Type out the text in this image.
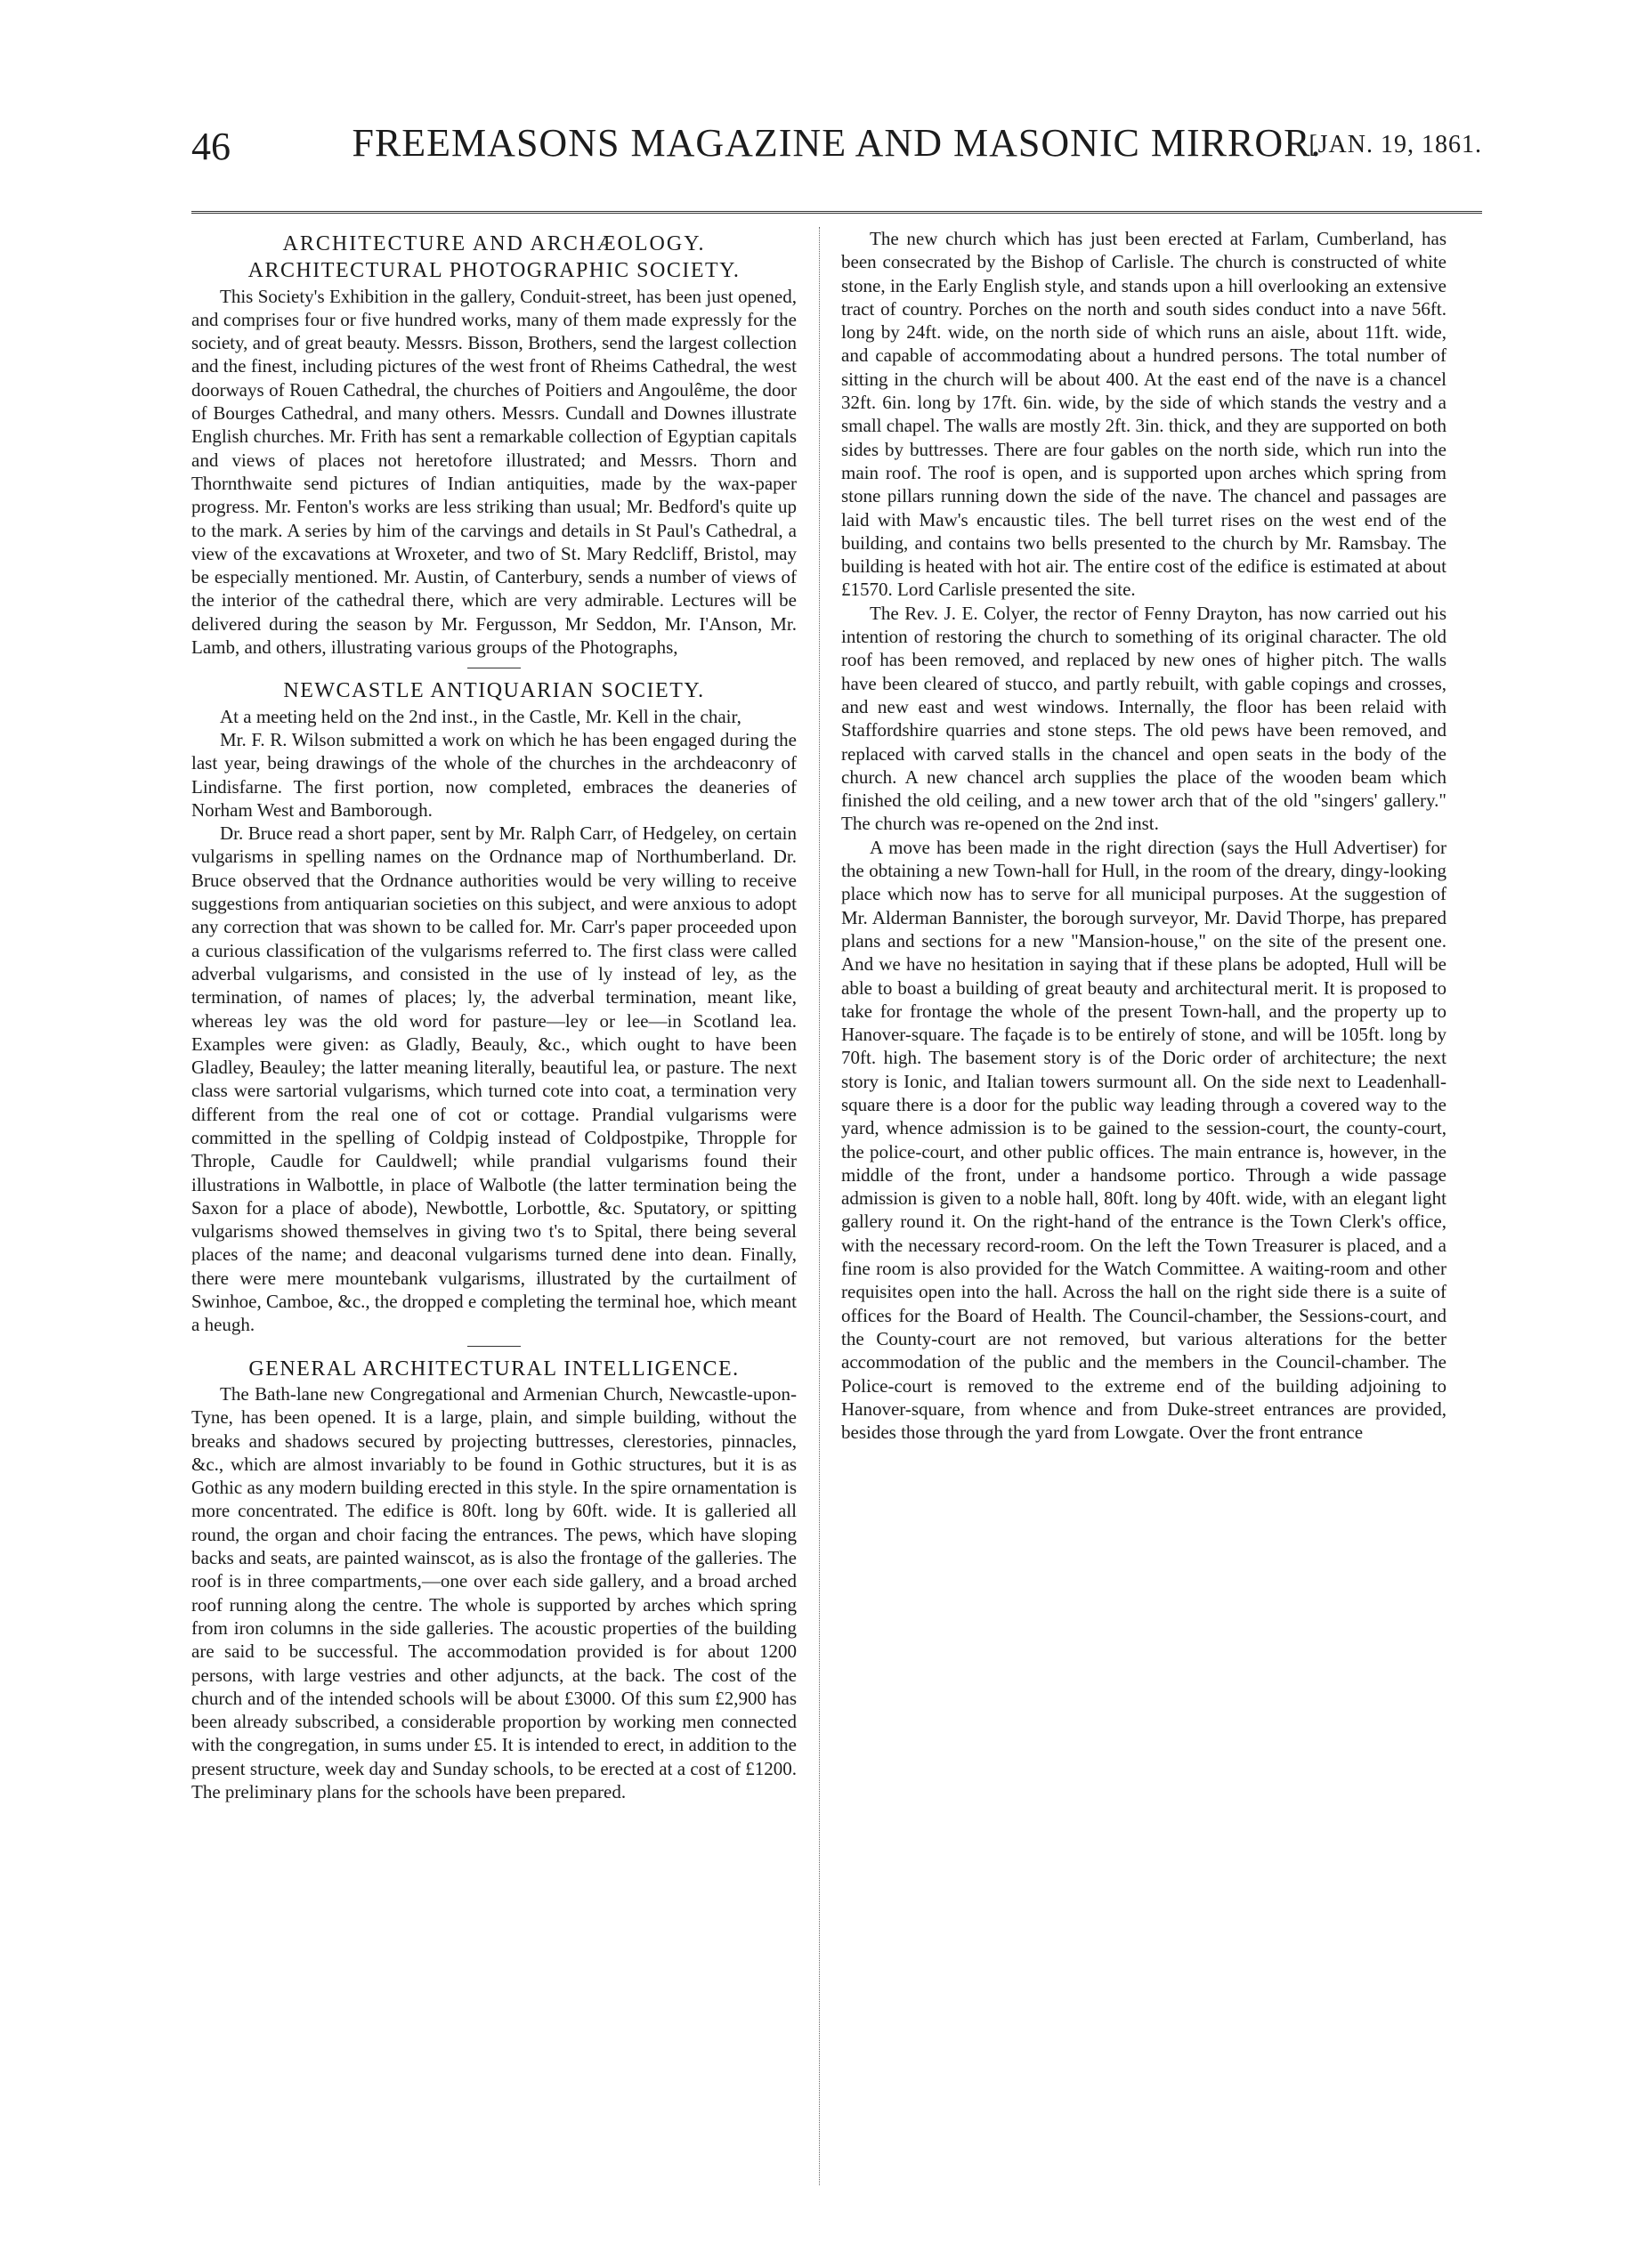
46	FREEMASONS MAGAZINE AND MASONIC MIRROR.
[JAN. 19, 1861.
ARCHITECTURE AND ARCHÆOLOGY.
ARCHITECTURAL PHOTOGRAPHIC SOCIETY.

This Society's Exhibition in the gallery, Conduit-street, has been just opened, and comprises four or five hundred works, many of them made expressly for the society, and of great beauty. Messrs. Bisson, Brothers, send the largest collection and the finest, including pictures of the west front of Rheims Cathedral, the west doorways of Rouen Cathedral, the churches of Poitiers and Angoulême, the door of Bourges Cathedral, and many others. Messrs. Cundall and Downes illustrate English churches. Mr. Frith has sent a remarkable collection of Egyptian capitals and views of places not heretofore illustrated; and Messrs. Thorn and Thornthwaite send pictures of Indian antiquities, made by the wax-paper progress. Mr. Fenton's works are less striking than usual; Mr. Bedford's quite up to the mark. A series by him of the carvings and details in St Paul's Cathedral, a view of the excavations at Wroxeter, and two of St. Mary Redcliff, Bristol, may be especially mentioned. Mr. Austin, of Canterbury, sends a number of views of the interior of the cathedral there, which are very admirable. Lectures will be delivered during the season by Mr. Fergusson, Mr Seddon, Mr. I'Anson, Mr. Lamb, and others, illustrating various groups of the Photographs,

NEWCASTLE ANTIQUARIAN SOCIETY.

At a meeting held on the 2nd inst., in the Castle, Mr. Kell in the chair,

Mr. F. R. Wilson submitted a work on which he has been engaged during the last year, being drawings of the whole of the churches in the archdeaconry of Lindisfarne. The first portion, now completed, embraces the deaneries of Norham West and Bamborough.

Dr. Bruce read a short paper, sent by Mr. Ralph Carr, of Hedgeley, on certain vulgarisms in spelling names on the Ordnance map of Northumberland. Dr. Bruce observed that the Ordnance authorities would be very willing to receive suggestions from antiquarian societies on this subject, and were anxious to adopt any correction that was shown to be called for. Mr. Carr's paper proceeded upon a curious classification of the vulgarisms referred to. The first class were called adverbal vulgarisms, and consisted in the use of ly instead of ley, as the termination, of names of places; ly, the adverbal termination, meant like, whereas ley was the old word for pasture—ley or lee—in Scotland lea. Examples were given: as Gladly, Beauly, &c., which ought to have been Gladley, Beauley; the latter meaning literally, beautiful lea, or pasture. The next class were sartorial vulgarisms, which turned cote into coat, a termination very different from the real one of cot or cottage. Prandial vulgarisms were committed in the spelling of Coldpig instead of Coldpostpike, Thropple for Throple, Caudle for Cauldwell; while prandial vulgarisms found their illustrations in Walbottle, in place of Walbotle (the latter termination being the Saxon for a place of abode), Newbottle, Lorbottle, &c. Sputatory, or spitting vulgarisms showed themselves in giving two t's to Spital, there being several places of the name; and deaconal vulgarisms turned dene into dean. Finally, there were mere mountebank vulgarisms, illustrated by the curtailment of Swinhoe, Camboe, &c., the dropped e completing the terminal hoe, which meant a heugh.

GENERAL ARCHITECTURAL INTELLIGENCE.

The Bath-lane new Congregational and Armenian Church, Newcastle-upon-Tyne, has been opened. It is a large, plain, and simple building, without the breaks and shadows secured by projecting buttresses, clerestories, pinnacles, &c., which are almost invariably to be found in Gothic structures, but it is as Gothic as any modern building erected in this style. In the spire ornamentation is more concentrated. The edifice is 80ft. long by 60ft. wide. It is galleried all round, the organ and choir facing the entrances. The pews, which have sloping backs and seats, are painted wainscot, as is also the frontage of the galleries. The roof is in three compartments,—one over each side gallery, and a broad arched roof running along the centre. The whole is supported by arches which spring from iron columns in the side galleries. The acoustic properties of the building are said to be successful. The accommodation provided is for about 1200 persons, with large vestries and other adjuncts, at the back. The cost of the church and of the intended schools will be about £3000. Of this sum £2,900 has been already subscribed, a considerable proportion by working men connected with the congregation, in sums under £5. It is intended to erect, in addition to the present structure, week day and Sunday schools, to be erected at a cost of £1200. The preliminary plans for the schools have been prepared.

The new church which has just been erected at Farlam, Cumberland, has been consecrated by the Bishop of Carlisle. The church is constructed of white stone, in the Early English style, and stands upon a hill overlooking an extensive tract of country. Porches on the north and south sides conduct into a nave 56ft. long by 24ft. wide, on the north side of which runs an aisle, about 11ft. wide, and capable of accommodating about a hundred persons. The total number of sitting in the church will be about 400. At the east end of the nave is a chancel 32ft. 6in. long by 17ft. 6in. wide, by the side of which stands the vestry and a small chapel. The walls are mostly 2ft. 3in. thick, and they are supported on both sides by buttresses. There are four gables on the north side, which run into the main roof. The roof is open, and is supported upon arches which spring from stone pillars running down the side of the nave. The chancel and passages are laid with Maw's encaustic tiles. The bell turret rises on the west end of the building, and contains two bells presented to the church by Mr. Ramsbay. The building is heated with hot air. The entire cost of the edifice is estimated at about £1570. Lord Carlisle presented the site.

The Rev. J. E. Colyer, the rector of Fenny Drayton, has now carried out his intention of restoring the church to something of its original character. The old roof has been removed, and replaced by new ones of higher pitch. The walls have been cleared of stucco, and partly rebuilt, with gable copings and crosses, and new east and west windows. Internally, the floor has been relaid with Staffordshire quarries and stone steps. The old pews have been removed, and replaced with carved stalls in the chancel and open seats in the body of the church. A new chancel arch supplies the place of the wooden beam which finished the old ceiling, and a new tower arch that of the old "singers' gallery." The church was re-opened on the 2nd inst.

A move has been made in the right direction (says the Hull Advertiser) for the obtaining a new Town-hall for Hull, in the room of the dreary, dingy-looking place which now has to serve for all municipal purposes. At the suggestion of Mr. Alderman Bannister, the borough surveyor, Mr. David Thorpe, has prepared plans and sections for a new "Mansion-house," on the site of the present one. And we have no hesitation in saying that if these plans be adopted, Hull will be able to boast a building of great beauty and architectural merit. It is proposed to take for frontage the whole of the present Town-hall, and the property up to Hanover-square. The façade is to be entirely of stone, and will be 105ft. long by 70ft. high. The basement story is of the Doric order of architecture; the next story is Ionic, and Italian towers surmount all. On the side next to Leadenhall-square there is a door for the public way leading through a covered way to the yard, whence admission is to be gained to the session-court, the county-court, the police-court, and other public offices. The main entrance is, however, in the middle of the front, under a handsome portico. Through a wide passage admission is given to a noble hall, 80ft. long by 40ft. wide, with an elegant light gallery round it. On the right-hand of the entrance is the Town Clerk's office, with the necessary record-room. On the left the Town Treasurer is placed, and a fine room is also provided for the Watch Committee. A waiting-room and other requisites open into the hall. Across the hall on the right side there is a suite of offices for the Board of Health. The Council-chamber, the Sessions-court, and the County-court are not removed, but various alterations for the better accommodation of the public and the members in the Council-chamber. The Police-court is removed to the extreme end of the building adjoining to Hanover-square, from whence and from Duke-street entrances are provided, besides those through the yard from Lowgate. Over the front entrance
